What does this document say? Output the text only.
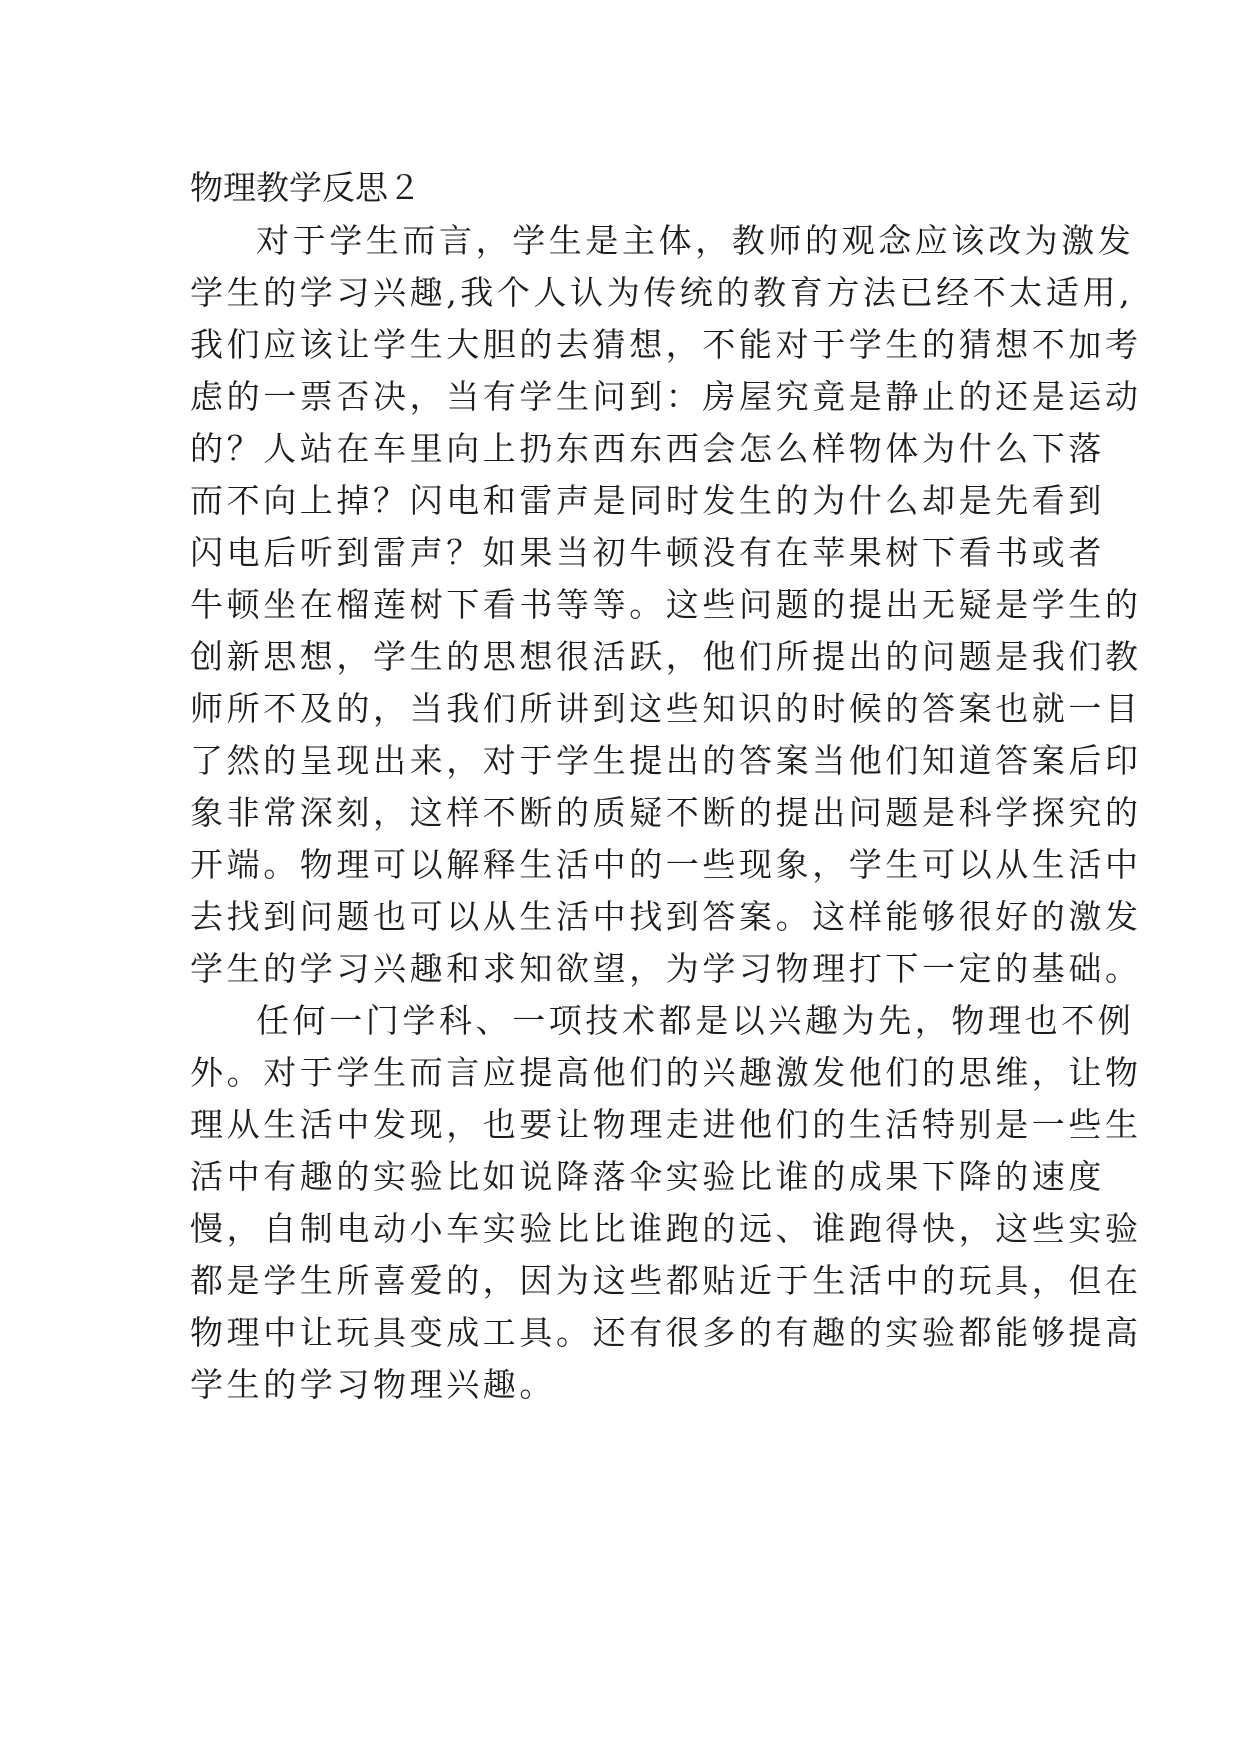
物理教学反思２
对于学生而言，学生是主体，教师的观念应该改为激发
学生的学习兴趣,我个人认为传统的教育方法已经不太适用,
我们应该让学生大胆的去猜想，不能对于学生的猜想不加考
虑的一票否决，当有学生问到：房屋究竟是静止的还是运动
的？人站在车里向上扔东西东西会怎么样物体为什么下落
而不向上掉？闪电和雷声是同时发生的为什么却是先看到
闪电后听到雷声？如果当初牛顿没有在苹果树下看书或者
牛顿坐在榴莲树下看书等等。这些问题的提出无疑是学生的
创新思想，学生的思想很活跃，他们所提出的问题是我们教
师所不及的，当我们所讲到这些知识的时候的答案也就一目
了然的呈现出来，对于学生提出的答案当他们知道答案后印
象非常深刻，这样不断的质疑不断的提出问题是科学探究的
开端。物理可以解释生活中的一些现象，学生可以从生活中
去找到问题也可以从生活中找到答案。这样能够很好的激发
学生的学习兴趣和求知欲望，为学习物理打下一定的基础。
任何一门学科、一项技术都是以兴趣为先，物理也不例
外。对于学生而言应提高他们的兴趣激发他们的思维，让物
理从生活中发现，也要让物理走进他们的生活特别是一些生
活中有趣的实验比如说降落伞实验比谁的成果下降的速度
慢，自制电动小车实验比比谁跑的远、谁跑得快，这些实验
都是学生所喜爱的，因为这些都贴近于生活中的玩具，但在
物理中让玩具变成工具。还有很多的有趣的实验都能够提高
学生的学习物理兴趣。
